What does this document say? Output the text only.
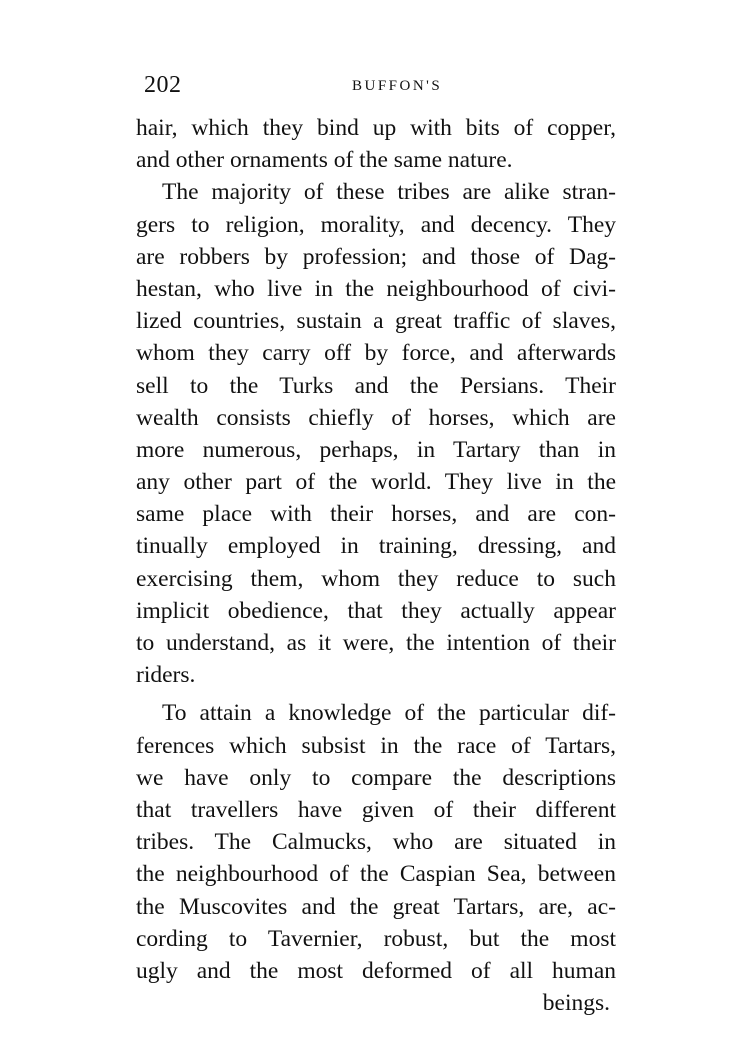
202	BUFFON'S
hair, which they bind up with bits of copper,
and other ornaments of the same nature.
The majority of these tribes are alike stran-
gers to religion, morality, and decency. They
are robbers by profession; and those of Dag-
hestan, who live in the neighbourhood of civi-
lized countries, sustain a great traffic of slaves,
whom they carry off by force, and afterwards
sell to the Turks and the Persians. Their
wealth consists chiefly of horses, which are
more numerous, perhaps, in Tartary than in
any other part of the world. They live in the
same place with their horses, and are con-
tinually employed in training, dressing, and
exercising them, whom they reduce to such
implicit obedience, that they actually appear
to understand, as it were, the intention of their
riders.
To attain a knowledge of the particular dif-
ferences which subsist in the race of Tartars,
we have only to compare the descriptions
that travellers have given of their different
tribes. The Calmucks, who are situated in
the neighbourhood of the Caspian Sea, between
the Muscovites and the great Tartars, are, ac-
cording to Tavernier, robust, but the most
ugly and the most deformed of all human
beings.
